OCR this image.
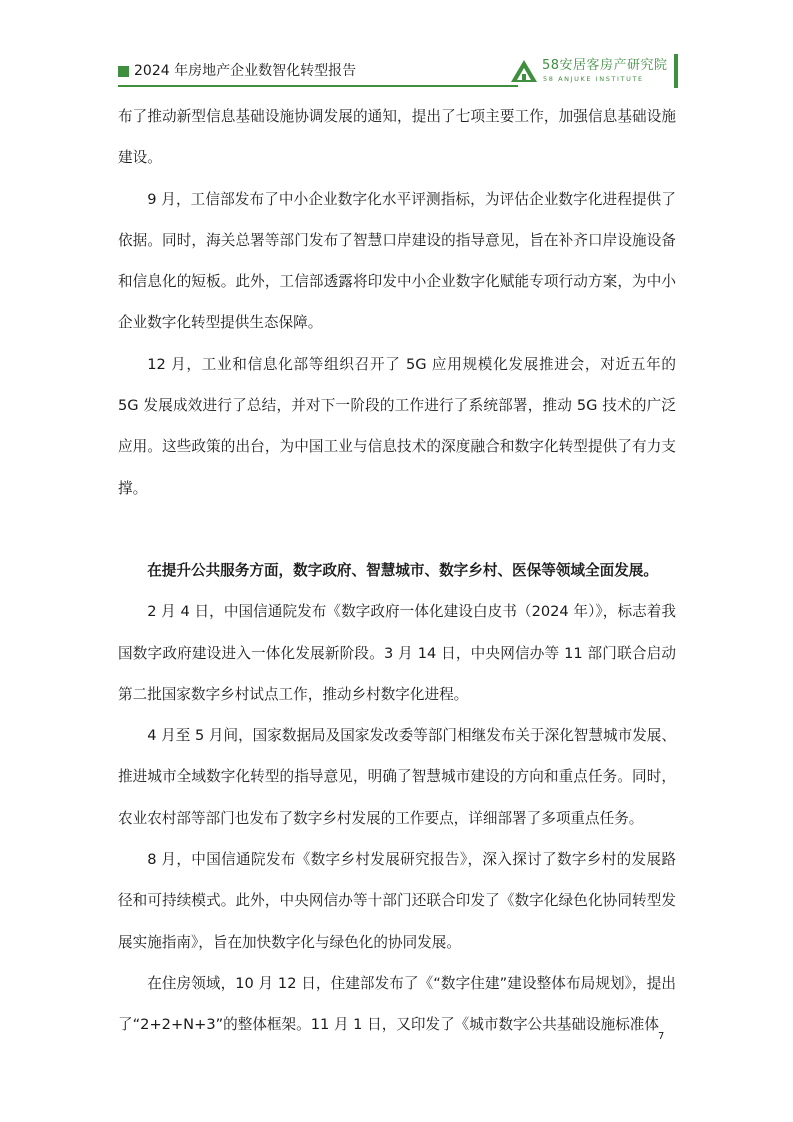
2024 年房地产企业数智化转型报告	58安居客房产研究院
58 ANJUKE INSTITUTE

布了推动新型信息基础设施协调发展的通知，提出了七项主要工作，加强信息基础设施建设。

9 月，工信部发布了中小企业数字化水平评测指标，为评估企业数字化进程提供了依据。同时，海关总署等部门发布了智慧口岸建设的指导意见，旨在补齐口岸设施设备和信息化的短板。此外，工信部透露将印发中小企业数字化赋能专项行动方案，为中小企业数字化转型提供生态保障。

12 月，工业和信息化部等组织召开了 5G 应用规模化发展推进会，对近五年的 5G 发展成效进行了总结，并对下一阶段的工作进行了系统部署，推动 5G 技术的广泛应用。这些政策的出台，为中国工业与信息技术的深度融合和数字化转型提供了有力支撑。

在提升公共服务方面，数字政府、智慧城市、数字乡村、医保等领域全面发展。

2 月 4 日，中国信通院发布《数字政府一体化建设白皮书（2024 年）》，标志着我国数字政府建设进入一体化发展新阶段。3 月 14 日，中央网信办等 11 部门联合启动第二批国家数字乡村试点工作，推动乡村数字化进程。

4 月至 5 月间，国家数据局及国家发改委等部门相继发布关于深化智慧城市发展、推进城市全域数字化转型的指导意见，明确了智慧城市建设的方向和重点任务。同时，农业农村部等部门也发布了数字乡村发展的工作要点，详细部署了多项重点任务。

8 月，中国信通院发布《数字乡村发展研究报告》，深入探讨了数字乡村的发展路径和可持续模式。此外，中央网信办等十部门还联合印发了《数字化绿色化协同转型发展实施指南》，旨在加快数字化与绿色化的协同发展。

在住房领域，10 月 12 日，住建部发布了《“数字住建”建设整体布局规划》，提出了“2+2+N+3”的整体框架。11 月 1 日，又印发了《城市数字公共基础设施标准体

7
